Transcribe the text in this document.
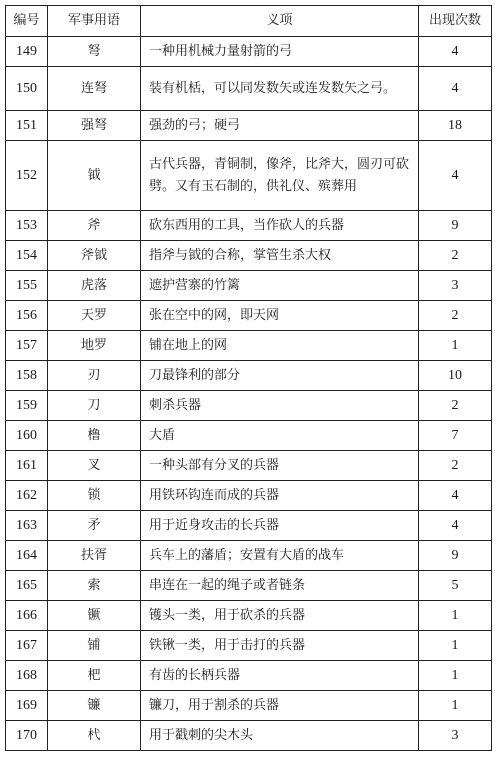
编号	军事用语	义项	出现次数
149	弩	一种用机械力量射箭的弓	4
150	连弩	装有机栝，可以同发数矢或连发数矢之弓。	4
151	强弩	强劲的弓；硬弓	18
152	钺	古代兵器，青铜制，像斧，比斧大，圆刃可砍劈。又有玉石制的，供礼仪、殡葬用	4
153	斧	砍东西用的工具，当作砍人的兵器	9
154	斧钺	指斧与钺的合称，掌管生杀大权	2
155	虎落	遮护营寨的竹篱	3
156	天罗	张在空中的网，即天网	2
157	地罗	铺在地上的网	1
158	刃	刀最锋利的部分	10
159	刀	刺杀兵器	2
160	橹	大盾	7
161	叉	一种头部有分叉的兵器	2
162	锁	用铁环钩连而成的兵器	4
163	矛	用于近身攻击的长兵器	4
164	扶胥	兵车上的藩盾；安置有大盾的战车	9
165	索	串连在一起的绳子或者链条	5
166	镢	镬头一类，用于砍杀的兵器	1
167	铺	铁锹一类，用于击打的兵器	1
168	杷	有齿的长柄兵器	1
169	镰	镰刀，用于割杀的兵器	1
170	杙	用于戳刺的尖木头	3
